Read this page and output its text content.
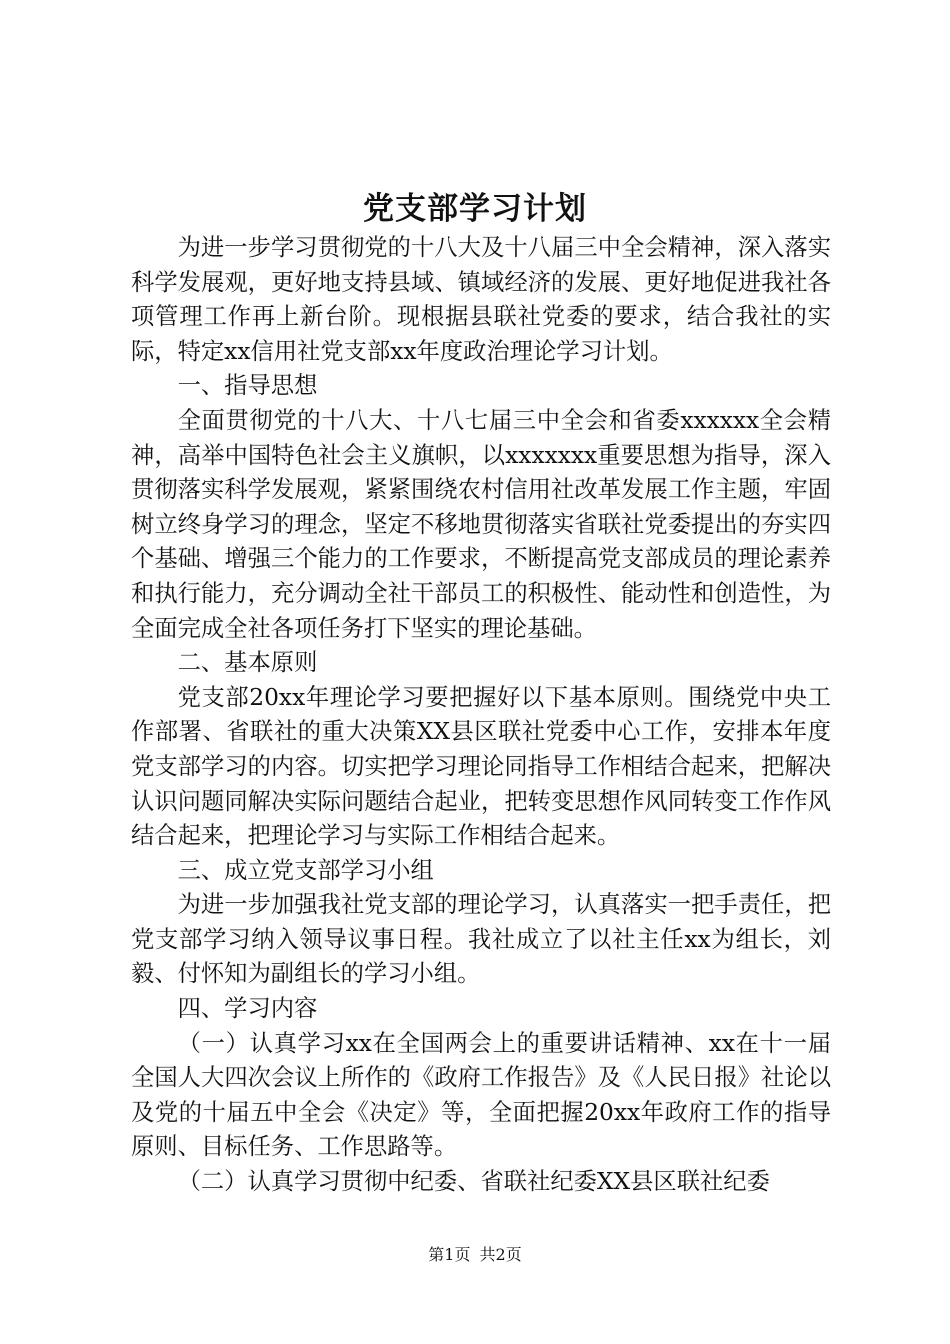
党支部学习计划

为进一步学习贯彻党的十八大及十八届三中全会精神，深入落实科学发展观，更好地支持县域、镇域经济的发展、更好地促进我社各项管理工作再上新台阶。现根据县联社党委的要求，结合我社的实际，特定xx信用社党支部xx年度政治理论学习计划。

一、指导思想

全面贯彻党的十八大、十八七届三中全会和省委xxxxxx全会精神，高举中国特色社会主义旗帜，以xxxxxxx重要思想为指导，深入贯彻落实科学发展观，紧紧围绕农村信用社改革发展工作主题，牢固树立终身学习的理念，坚定不移地贯彻落实省联社党委提出的夯实四个基础、增强三个能力的工作要求，不断提高党支部成员的理论素养和执行能力，充分调动全社干部员工的积极性、能动性和创造性，为全面完成全社各项任务打下坚实的理论基础。

二、基本原则

党支部20xx年理论学习要把握好以下基本原则。围绕党中央工作部署、省联社的重大决策XX县区联社党委中心工作，安排本年度党支部学习的内容。切实把学习理论同指导工作相结合起来，把解决认识问题同解决实际问题结合起业，把转变思想作风同转变工作作风结合起来，把理论学习与实际工作相结合起来。

三、成立党支部学习小组

为进一步加强我社党支部的理论学习，认真落实一把手责任，把党支部学习纳入领导议事日程。我社成立了以社主任xx为组长，刘毅、付怀知为副组长的学习小组。

四、学习内容

（一）认真学习xx在全国两会上的重要讲话精神、xx在十一届全国人大四次会议上所作的《政府工作报告》及《人民日报》社论以及党的十届五中全会《决定》等，全面把握20xx年政府工作的指导原则、目标任务、工作思路等。

（二）认真学习贯彻中纪委、省联社纪委XX县区联社纪委

第1页 共2页
